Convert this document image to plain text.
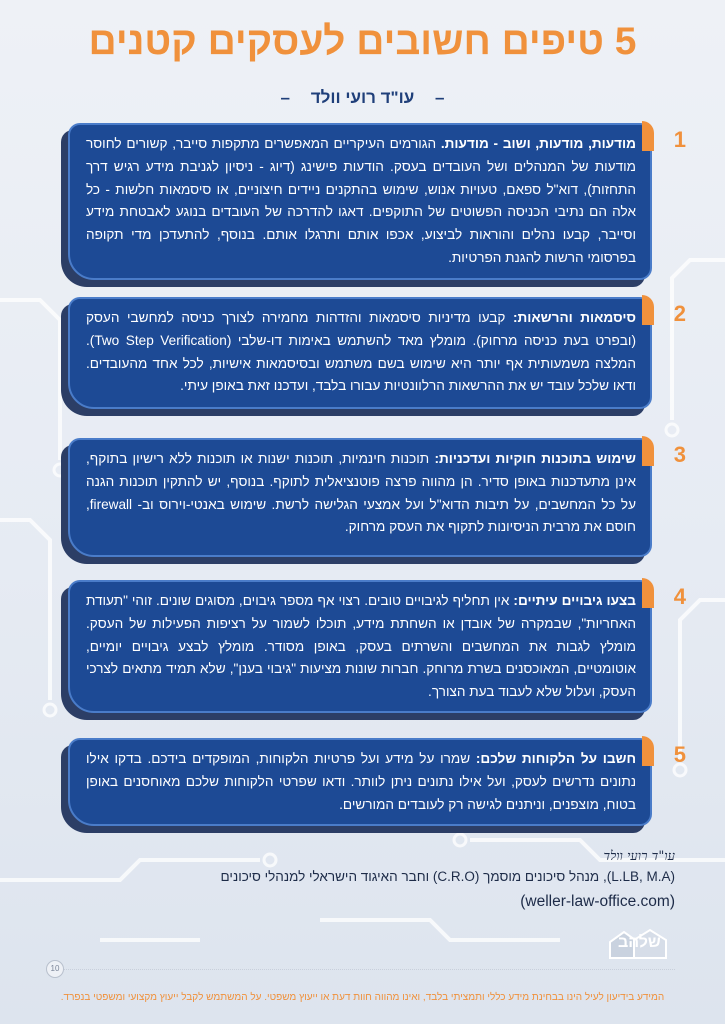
5 טיפים חשובים לעסקים קטנים
– עו"ד רועי וולד –
מודעות, מודעות, ושוב - מודעות. הגורמים העיקריים המאפשרים מתקפות סייבר, קשורים לחוסר מודעות של המנהלים ושל העובדים בעסק. הודעות פישינג (דיוג - ניסיון לגניבת מידע רגיש דרך התחזות), דוא"ל ספאם, טעויות אנוש, שימוש בהתקנים ניידים חיצוניים, או סיסמאות חלשות - כל אלה הם נתיבי הכניסה הפשוטים של התוקפים. דאגו להדרכה של העובדים בנוגע לאבטחת מידע וסייבר, קבעו נהלים והוראות לביצוע, אכפו אותם ותרגלו אותם. בנוסף, להתעדכן מדי תקופה בפרסומי הרשות להגנת הפרטיות.
1
סיסמאות והרשאות: קבעו מדיניות סיסמאות והזדהות מחמירה לצורך כניסה למחשבי העסק (ובפרט בעת כניסה מרחוק). מומלץ מאד להשתמש באימות דו-שלבי (Two Step Verification). המלצה משמעותית אף יותר היא שימוש בשם משתמש ובסיסמאות אישיות, לכל אחד מהעובדים. ודאו שלכל עובד יש את ההרשאות הרלוונטיות עבורו בלבד, ועדכנו זאת באופן עיתי.
2
שימוש בתוכנות חוקיות ועדכניות: תוכנות חינמיות, תוכנות ישנות או תוכנות ללא רישיון בתוקף, אינן מתעדכנות באופן סדיר. הן מהווה פרצה פוטנציאלית לתוקף. בנוסף, יש להתקין תוכנות הגנה על כל המחשבים, על תיבות הדוא"ל ועל אמצעי הגלישה לרשת. שימוש באנטי-וירוס וב- firewall, חוסם את מרבית הניסיונות לתקוף את העסק מרחוק.
3
בצעו גיבויים עיתיים: אין תחליף לגיבויים טובים. רצוי אף מספר גיבוים, מסוגים שונים. זוהי "תעודת האחריות", שבמקרה של אובדן או השחתת מידע, תוכלו לשמור על רציפות הפעילות של העסק. מומלץ לגבות את המחשבים והשרתים בעסק, באופן מסודר. מומלץ לבצע גיבויים יומיים, אוטומטיים, המאוכסנים בשרת מרוחק. חברות שונות מציעות "גיבוי בענן", שלא תמיד מתאים לצרכי העסק, ועלול שלא לעבוד בעת הצורך.
4
חשבו על הלקוחות שלכם: שמרו על מידע ועל פרטיות הלקוחות, המופקדים בידכם. בדקו אילו נתונים נדרשים לעסק, ועל אילו נתונים ניתן לוותר. ודאו שפרטי הלקוחות שלכם מאוחסנים באופן בטוח, מוצפנים, וניתנים לגישה רק לעובדים המורשים.
5
עו"ד רועי וולד
(L.LB, M.A), מנהל סיכונים מוסמך (C.R.O) וחבר האיגוד הישראלי למנהלי סיכונים
(weller-law-office.com)
שלהב
10
המידע בידיעון לעיל הינו בבחינת מידע כללי ותמציתי בלבד, ואינו מהווה חוות דעת או ייעוץ משפטי. על המשתמש לקבל ייעוץ מקצועי ומשפטי בנפרד.
